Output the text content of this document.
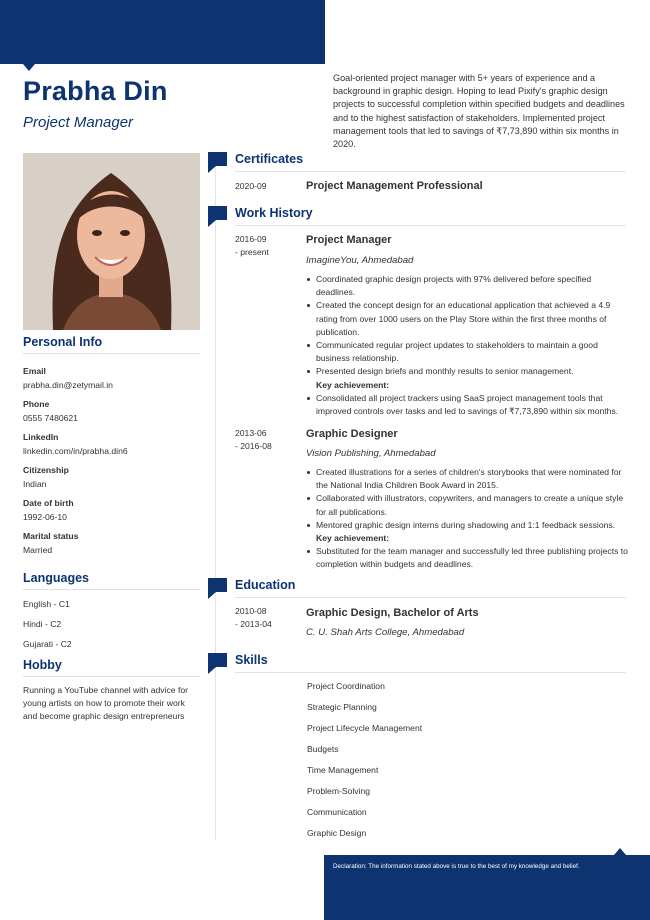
Prabha Din
Project Manager

Goal-oriented project manager with 5+ years of experience and a background in graphic design. Hoping to lead Pixify's graphic design projects to successful completion within specified budgets and deadlines and to the highest satisfaction of stakeholders. Implemented project management tools that led to savings of ₹7,73,890 within six months in 2020.

Personal Info
Email
prabha.din@zetymail.in
Phone
0555 7480621
LinkedIn
linkedin.com/in/prabha.din6
Citizenship
Indian
Date of birth
1992-06-10
Marital status
Married
Languages
English - C1
Hindi - C2
Gujarati - C2
Hobby

Running a YouTube channel with advice for young artists on how to promote their work and become graphic design entrepreneurs

Certificates
2020-09	Project Management Professional
Work History
2016-09
- present
Project Manager
ImagineYou, Ahmedabad
Coordinated graphic design projects with 97% delivered before specified deadlines.
Created the concept design for an educational application that achieved a 4.9 rating from over 1000 users on the Play Store within the first three months of publication.
Communicated regular project updates to stakeholders to maintain a good business relationship.
Presented design briefs and monthly results to senior management.
Key achievement:
Consolidated all project trackers using SaaS project management tools that improved controls over tasks and led to savings of ₹7,73,890 within six months.
2013-06
- 2016-08
Graphic Designer
Vision Publishing, Ahmedabad
Created illustrations for a series of children's storybooks that were nominated for the National India Children Book Award in 2015.
Collaborated with illustrators, copywriters, and managers to create a unique style for all publications.
Mentored graphic design interns during shadowing and 1:1 feedback sessions.
Key achievement:
Substituted for the team manager and successfully led three publishing projects to completion within budgets and deadlines.
Education
2010-08
- 2013-04
Graphic Design, Bachelor of Arts
C. U. Shah Arts College, Ahmedabad
Skills
Project Coordination
Strategic Planning
Project Lifecycle Management
Budgets
Time Management
Problem-Solving
Communication
Graphic Design
Declaration: The information stated above is true to the best of my knowledge and belief.
